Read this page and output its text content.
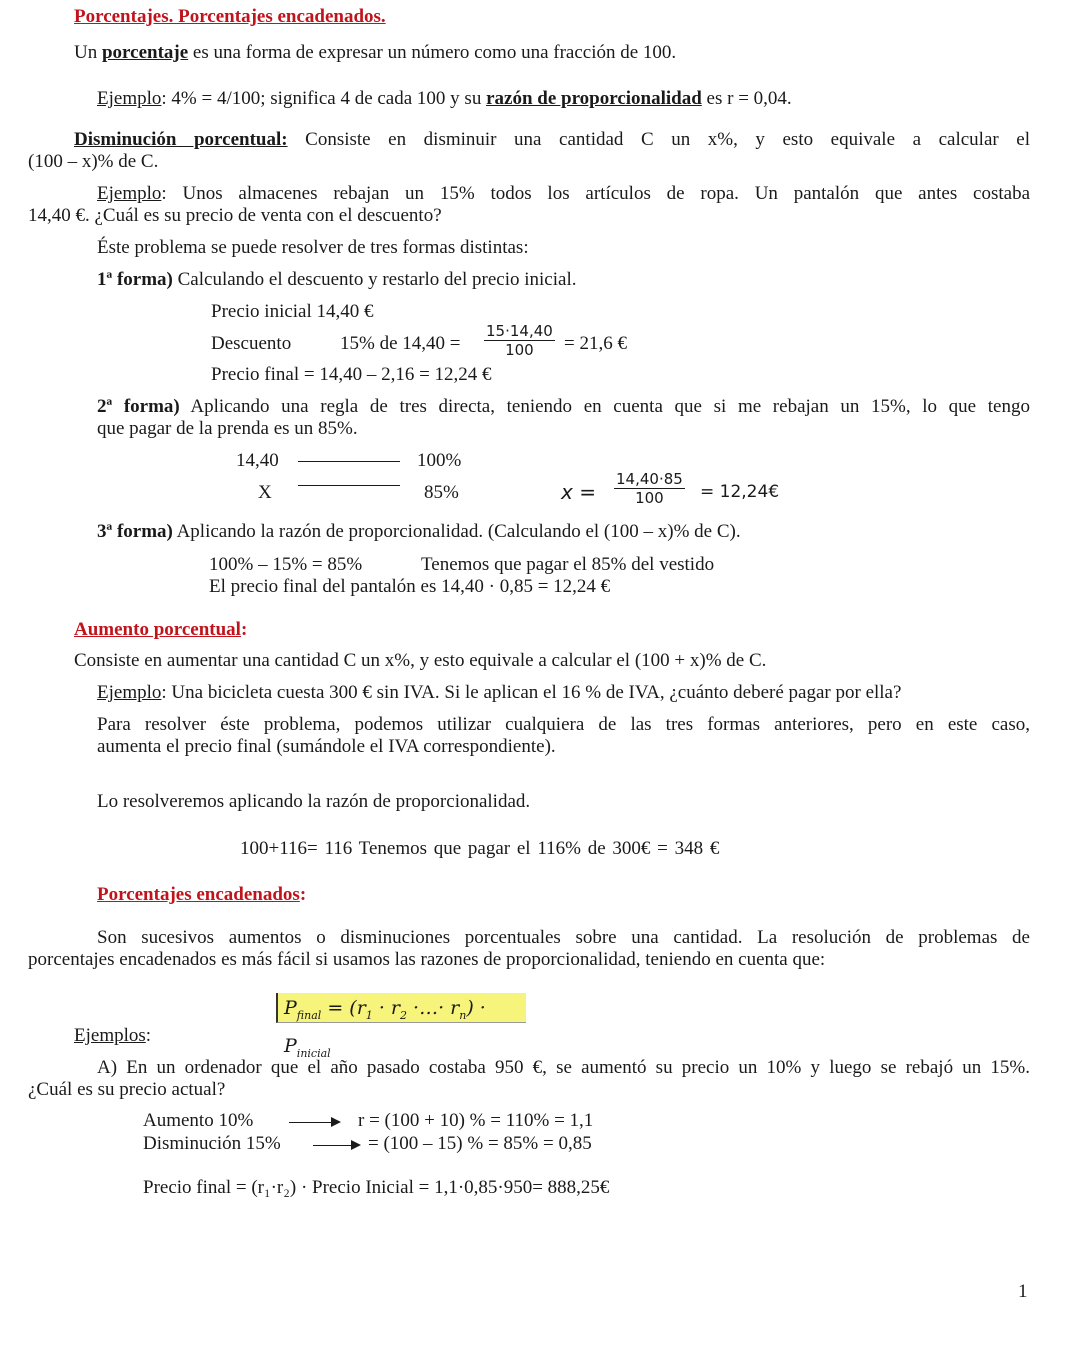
Porcentajes. Porcentajes encadenados.
Un porcentaje es una forma de expresar un número como una fracción de 100.
Ejemplo: 4% = 4/100; significa 4 de cada 100 y su razón de proporcionalidad es r = 0,04.
Disminución porcentual: Consiste en disminuir una cantidad C un x%, y esto equivale a calcular el
(100 – x)% de C.
Ejemplo: Unos almacenes rebajan un 15% todos los artículos de ropa. Un pantalón que antes costaba
14,40 €. ¿Cuál es su precio de venta con el descuento?
Éste problema se puede resolver de tres formas distintas:
1ª forma) Calculando el descuento y restarlo del precio inicial.
Precio inicial 14,40 €
Descuento	15% de $14,40 = \frac{15\cdot 14,40}{100} = 21,6$ €
Precio final = 14,40 – 2,16 = 12,24 €
2ª forma) Aplicando una regla de tres directa, teniendo en cuenta que si me rebajan un 15%, lo que tengo
que pagar de la prenda es un 85%.
14,40	100%
X	85%	$x = \frac{14,40\cdot 85}{100}$ = 12,24€
3ª forma) Aplicando la razón de proporcionalidad. (Calculando el (100 – x)% de C).
100% – 15% = 85%	Tenemos que pagar el 85% del vestido
El precio final del pantalón es 14,40 · 0,85 = 12,24 €
Aumento porcentual:
Consiste en aumentar una cantidad C un x%, y esto equivale a calcular el (100 + x)% de C.
Ejemplo: Una bicicleta cuesta 300 € sin IVA. Si le aplican el 16 % de IVA, ¿cuánto deberé pagar por ella?
Para resolver éste problema, podemos utilizar cualquiera de las tres formas anteriores, pero en este caso,
aumenta el precio final (sumándole el IVA correspondiente).
Lo resolveremos aplicando la razón de proporcionalidad.
100+116= 116 Tenemos que pagar el 116% de 300€ = 348 €
Porcentajes encadenados:
Son sucesivos aumentos o disminuciones porcentuales sobre una cantidad. La resolución de problemas de
porcentajes encadenados es más fácil si usamos las razones de proporcionalidad, teniendo en cuenta que:
$P_{final} = (r_1 \cdot r_2$ ·…· $r_n) \cdot P_{inicial}$
Ejemplos:
A) En un ordenador que el año pasado costaba 950 €, se aumentó su precio un 10% y luego se rebajó un 15%.
¿Cuál es su precio actual?
Aumento 10%	r = (100 + 10) % = 110% = 1,1
Disminución 15%	= (100 – 15) % = 85% = 0,85
Precio final = (r₁·r₂) · Precio Inicial = 1,1·0,85·950= 888,25€
1
